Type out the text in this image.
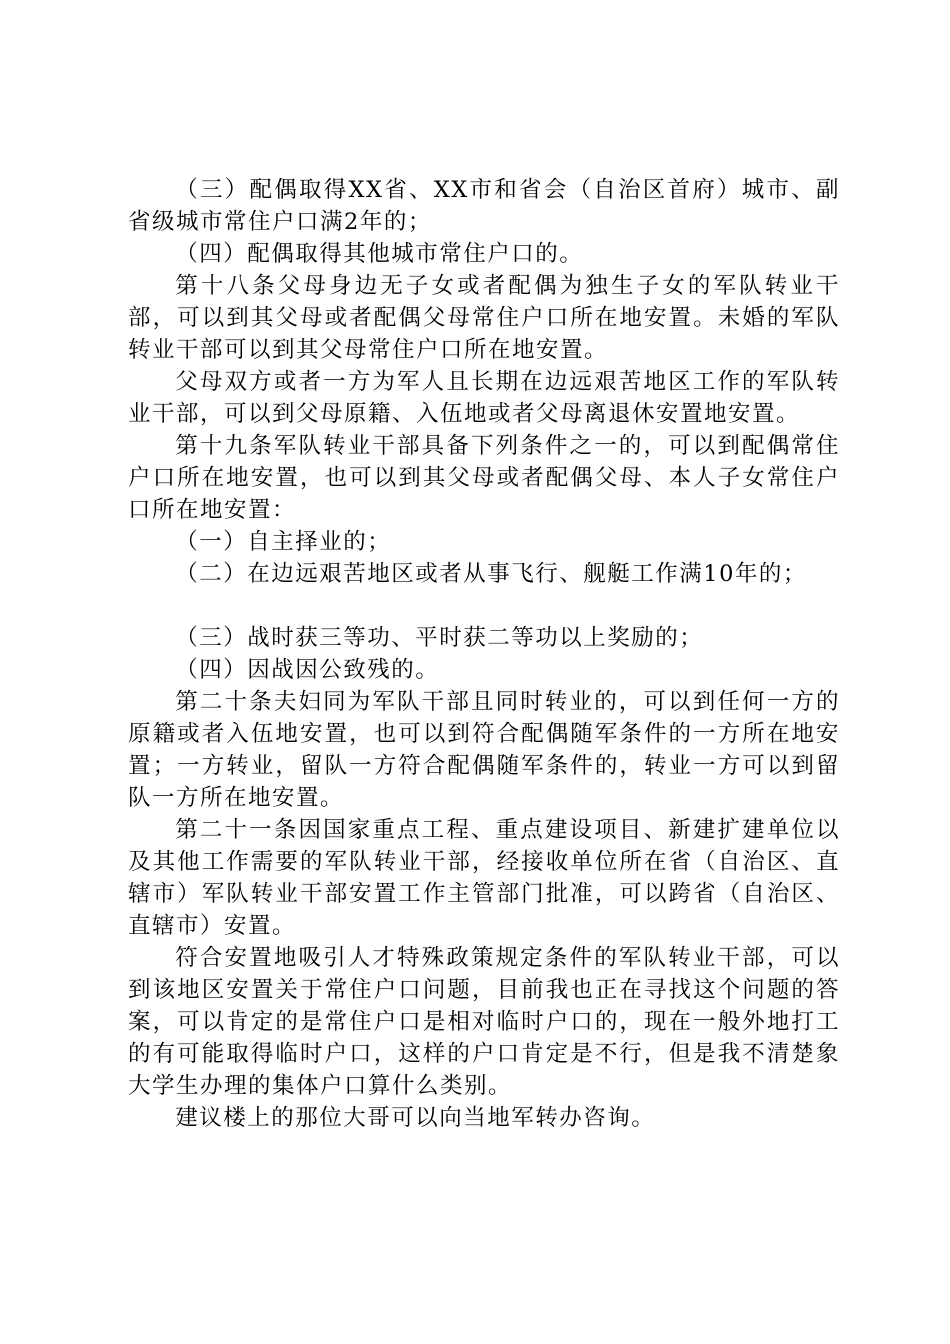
（三）配偶取得XX省、XX市和省会（自治区首府）城市、副省级城市常住户口满2年的；

（四）配偶取得其他城市常住户口的。

第十八条父母身边无子女或者配偶为独生子女的军队转业干部，可以到其父母或者配偶父母常住户口所在地安置。未婚的军队转业干部可以到其父母常住户口所在地安置。

父母双方或者一方为军人且长期在边远艰苦地区工作的军队转业干部，可以到父母原籍、入伍地或者父母离退休安置地安置。

第十九条军队转业干部具备下列条件之一的，可以到配偶常住户口所在地安置，也可以到其父母或者配偶父母、本人子女常住户口所在地安置：

（一）自主择业的；

（二）在边远艰苦地区或者从事飞行、舰艇工作满10年的；

（三）战时获三等功、平时获二等功以上奖励的；

（四）因战因公致残的。

第二十条夫妇同为军队干部且同时转业的，可以到任何一方的原籍或者入伍地安置，也可以到符合配偶随军条件的一方所在地安置；一方转业，留队一方符合配偶随军条件的，转业一方可以到留队一方所在地安置。

第二十一条因国家重点工程、重点建设项目、新建扩建单位以及其他工作需要的军队转业干部，经接收单位所在省（自治区、直辖市）军队转业干部安置工作主管部门批准，可以跨省（自治区、直辖市）安置。

符合安置地吸引人才特殊政策规定条件的军队转业干部，可以到该地区安置关于常住户口问题，目前我也正在寻找这个问题的答案，可以肯定的是常住户口是相对临时户口的，现在一般外地打工的有可能取得临时户口，这样的户口肯定是不行，但是我不清楚象大学生办理的集体户口算什么类别。

建议楼上的那位大哥可以向当地军转办咨询。
